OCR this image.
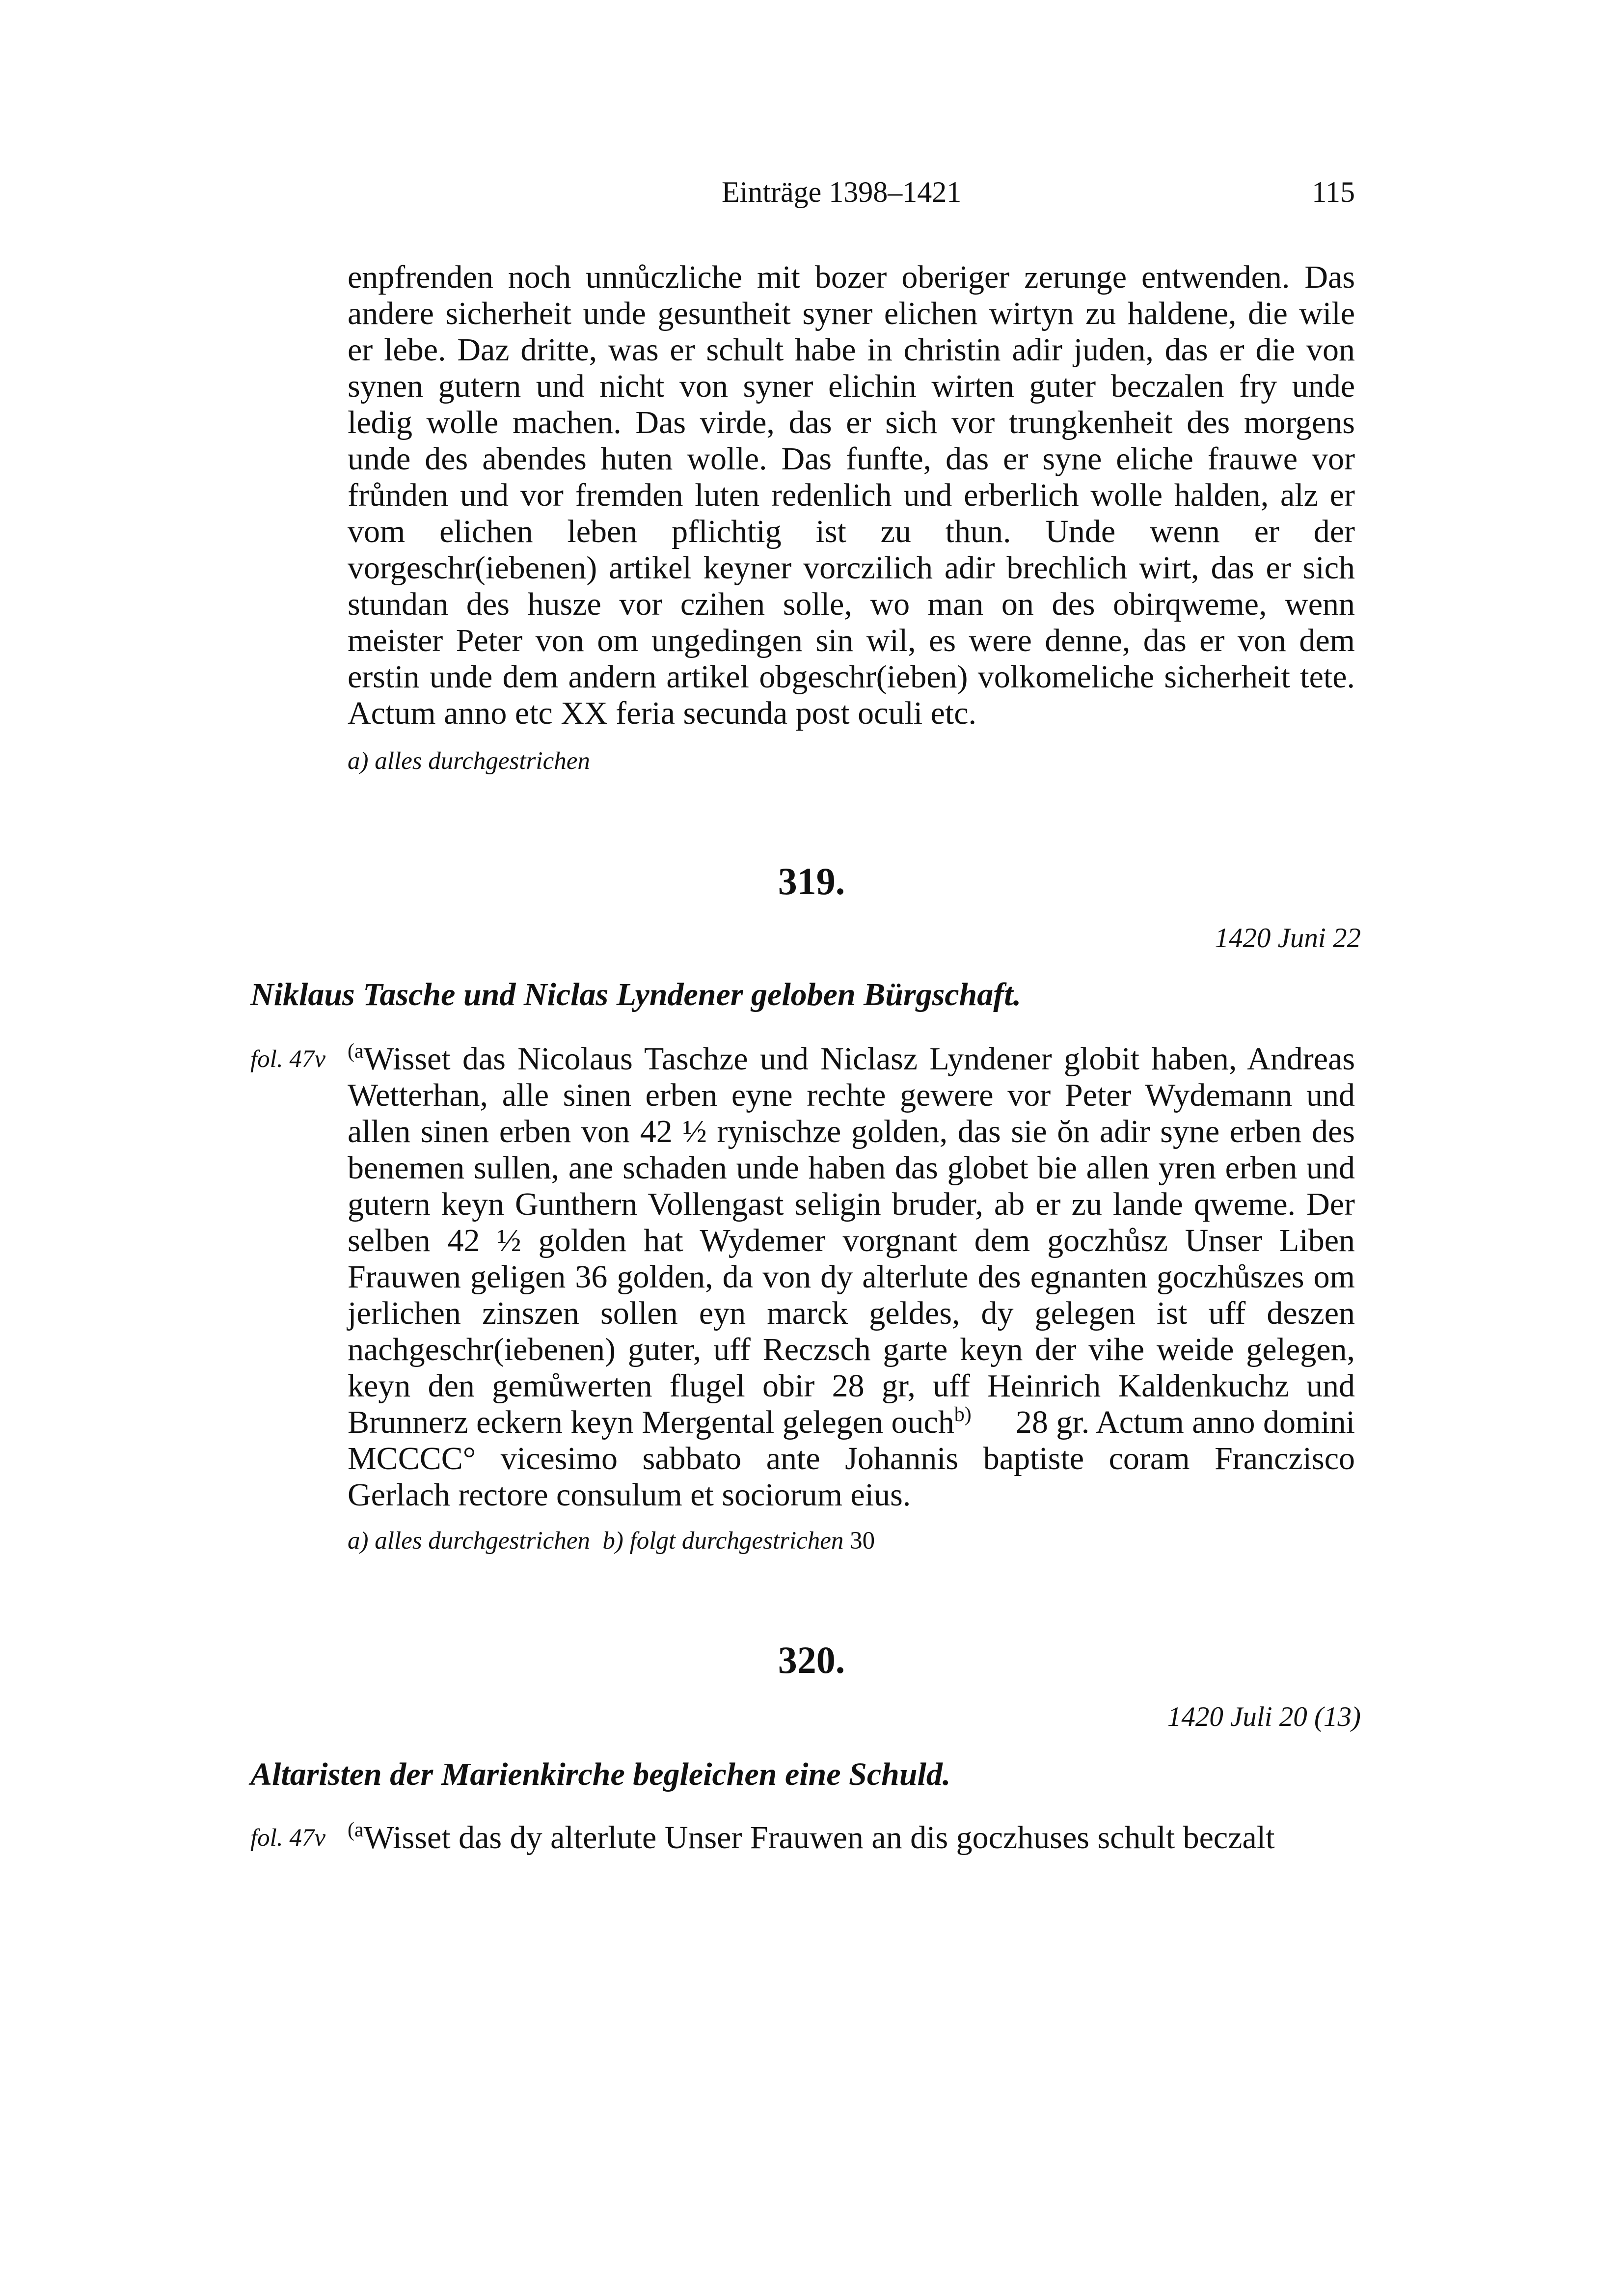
Einträge 1398–1421	115
enpfrenden noch unnůczliche mit bozer oberiger zerunge entwenden. Das
andere sicherheit unde gesuntheit syner elichen wirtyn zu haldene, die wile
er lebe. Daz dritte, was er schult habe in christin adir juden, das er die von
synen gutern und nicht von syner elichin wirten guter beczalen fry unde
ledig wolle machen. Das virde, das er sich vor trungkenheit des morgens
unde des abendes huten wolle. Das funfte, das er syne eliche frauwe vor
frůnden und vor fremden luten redenlich und erberlich wolle halden, alz er
vom elichen leben pflichtig ist zu thun. Unde wenn er der
vorgeschr(iebenen) artikel keyner vorczilich adir brechlich wirt, das er sich
stundan des husze vor czihen solle, wo man on des obirqweme, wenn
meister Peter von om ungedingen sin wil, es were denne, das er von dem
erstin unde dem andern artikel obgeschr(ieben) volkomeliche sicherheit tete.
Actum anno etc XX feria secunda post oculi etc.
a) alles durchgestrichen
319.
1420 Juni 22
Niklaus Tasche und Niclas Lyndener geloben Bürgschaft.
fol. 47v $^{(a}$Wisset das Nicolaus Taschze und Niclasz Lyndener globit haben, Andreas
Wetterhan, alle sinen erben eyne rechte gewere vor Peter Wydemann und
allen sinen erben von 42 ½ rynischze golden, das sie ŏn adir syne erben des
benemen sullen, ane schaden unde haben das globet bie allen yren erben und
gutern keyn Gunthern Vollengast seligin bruder, ab er zu lande qweme. Der
selben 42 ½ golden hat Wydemer vorgnant dem goczhůsz Unser Liben
Frauwen geligen 36 golden, da von dy alterlute des egnanten goczhůszes om
jerlichen zinszen sollen eyn marck geldes, dy gelegen ist uff deszen
nachgeschr(iebenen) guter, uff Reczsch garte keyn der vihe weide gelegen,
keyn den gemůwerten flugel obir 28 gr, uff Heinrich Kaldenkuchz und
Brunnerz eckern keyn Mergental gelegen ouch$^{b)}$ 28 gr. Actum anno domini
MCCCC° vicesimo sabbato ante Johannis baptiste coram Franczisco
Gerlach rectore consulum et sociorum eius.
a) alles durchgestrichen b) folgt durchgestrichen 30
320.
1420 Juli 20 (13)
Altaristen der Marienkirche begleichen eine Schuld.
fol. 47v $^{(a}$Wisset das dy alterlute Unser Frauwen an dis goczhuses schult beczalt
